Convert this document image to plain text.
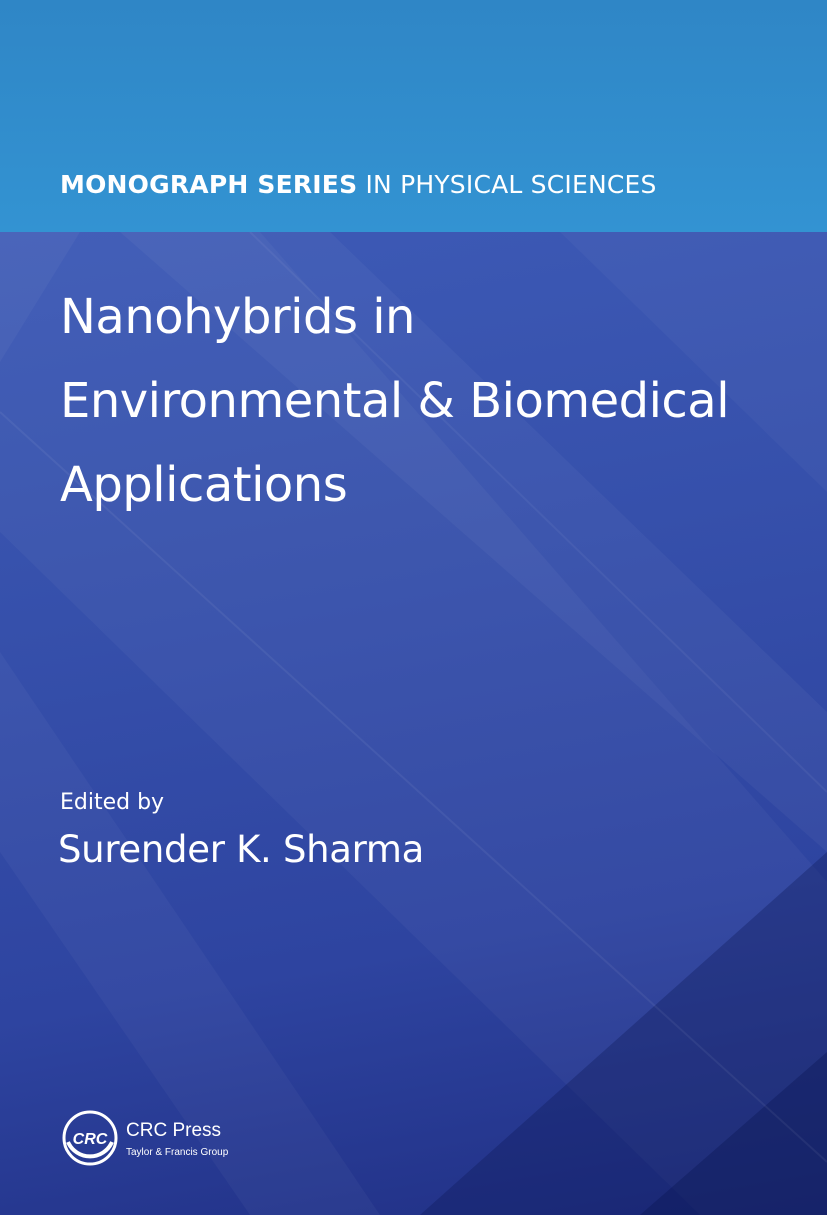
MONOGRAPH SERIES IN PHYSICAL SCIENCES
Nanohybrids in
Environmental & Biomedical
Applications
Edited by
Surender K. Sharma
CRC CRC Press
Taylor & Francis Group
